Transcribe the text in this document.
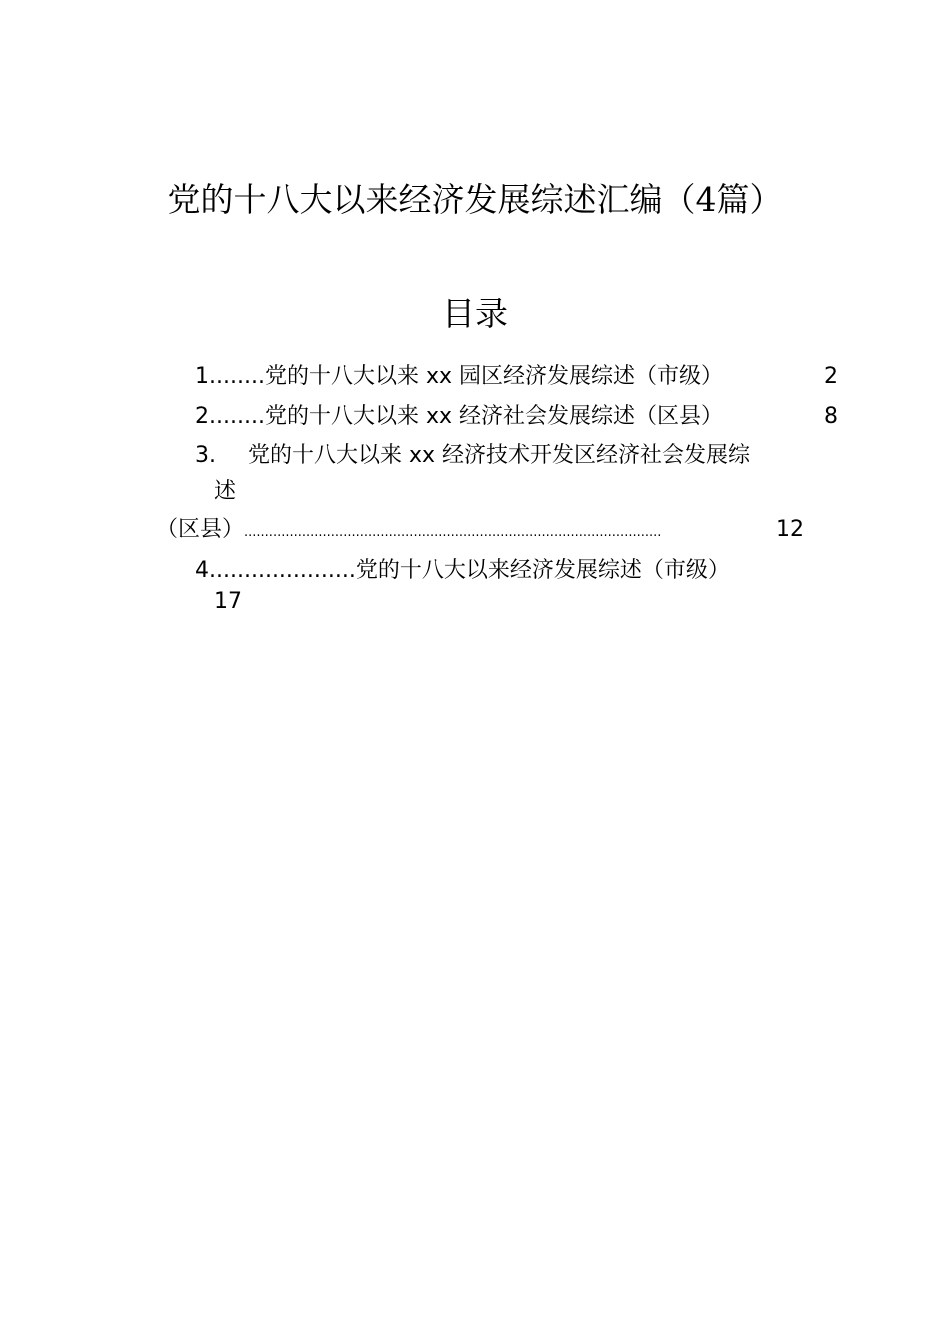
党的十八大以来经济发展综述汇编（4篇）
目录
1........党的十八大以来 xx 园区经济发展综述（市级）	2
2........党的十八大以来 xx 经济社会发展综述（区县）	8
3. 党的十八大以来 xx 经济技术开发区经济社会发展综
述
（区县）.....................................................................................................	12
4.....................党的十八大以来经济发展综述（市级）
17
